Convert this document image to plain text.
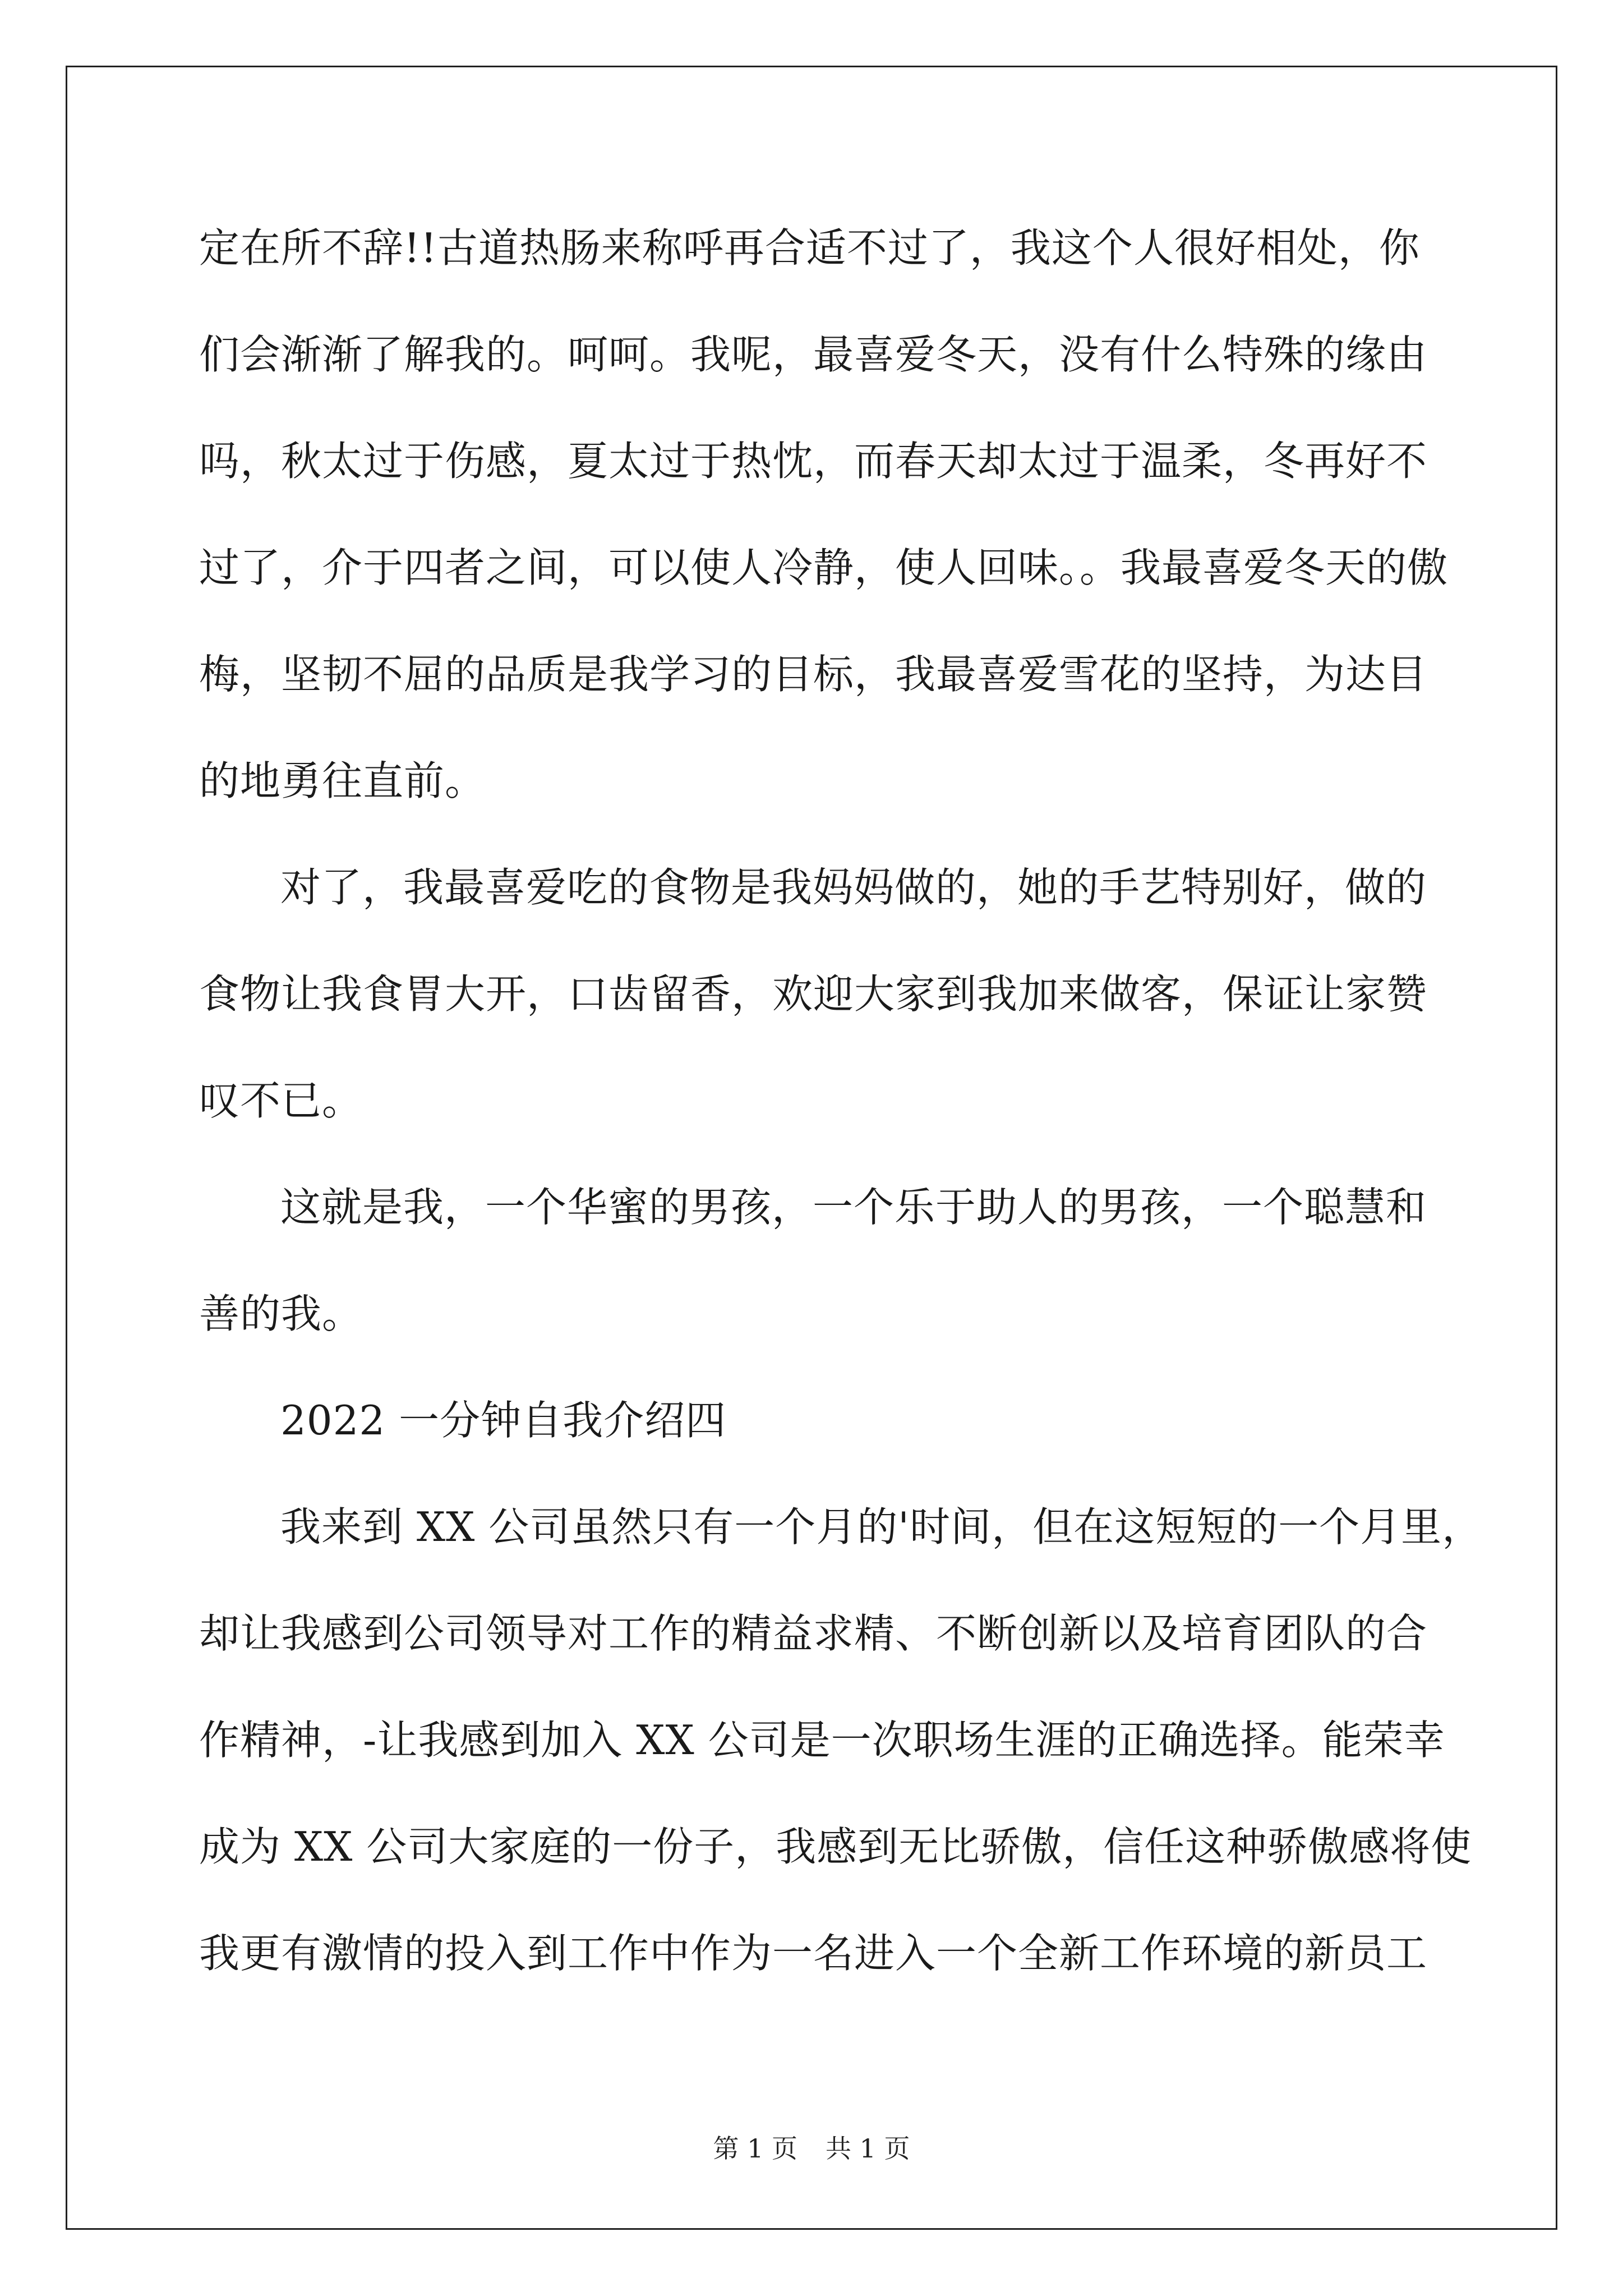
定在所不辞!!古道热肠来称呼再合适不过了，我这个人很好相处，你
们会渐渐了解我的。呵呵。我呢，最喜爱冬天，没有什么特殊的缘由
吗，秋太过于伤感，夏太过于热忱，而春天却太过于温柔，冬再好不
过了，介于四者之间，可以使人冷静，使人回味。。我最喜爱冬天的傲
梅，坚韧不屈的品质是我学习的目标，我最喜爱雪花的坚持，为达目
的地勇往直前。
对了，我最喜爱吃的食物是我妈妈做的，她的手艺特别好，做的
食物让我食胃大开，口齿留香，欢迎大家到我加来做客，保证让家赞
叹不已。
这就是我，一个华蜜的男孩，一个乐于助人的男孩，一个聪慧和
善的我。
2022 一分钟自我介绍四
我来到 XX 公司虽然只有一个月的'时间，但在这短短的一个月里，
却让我感到公司领导对工作的精益求精、不断创新以及培育团队的合
作精神，-让我感到加入 XX 公司是一次职场生涯的正确选择。能荣幸
成为 XX 公司大家庭的一份子，我感到无比骄傲，信任这种骄傲感将使
我更有激情的投入到工作中作为一名进入一个全新工作环境的新员工
第 1 页 共 1 页
